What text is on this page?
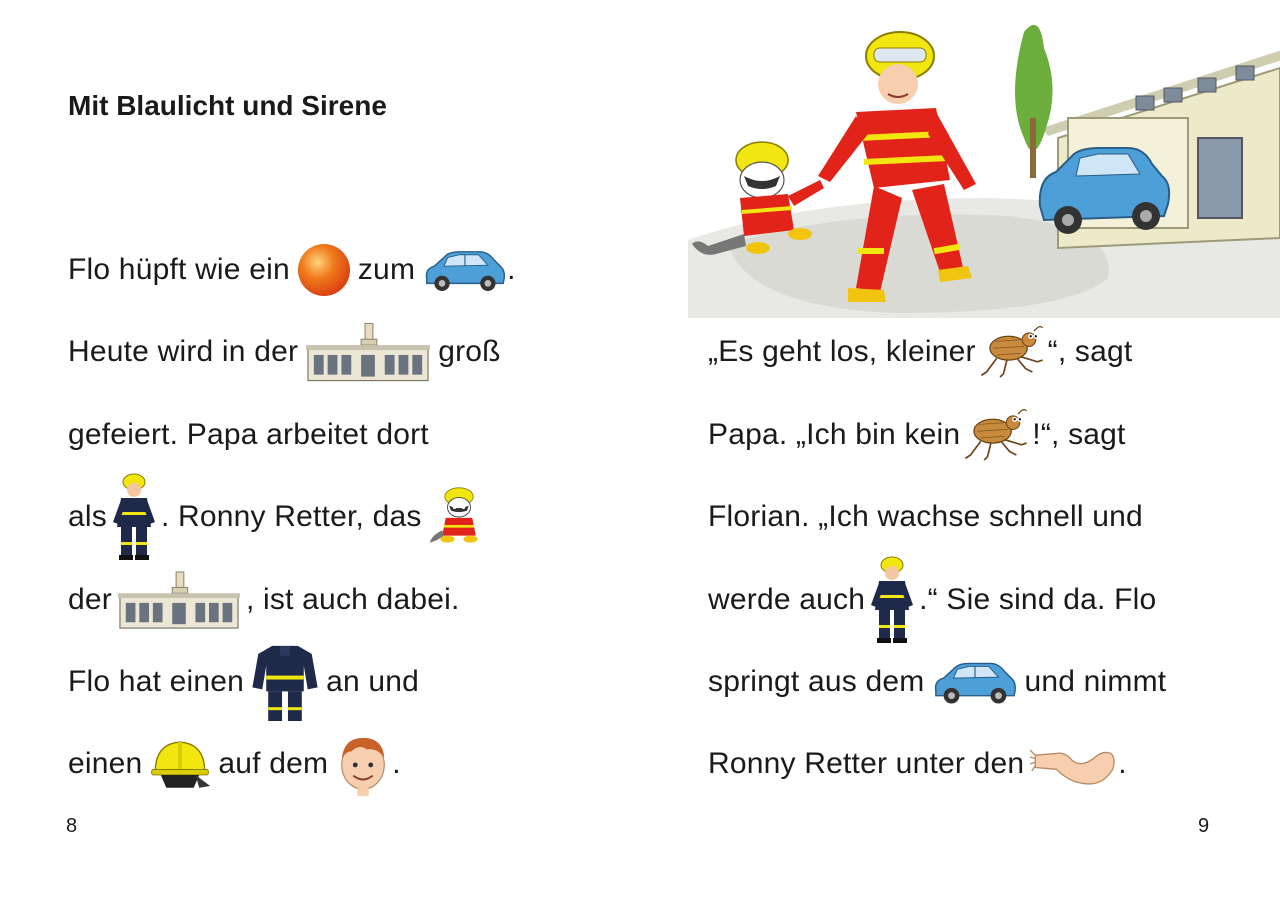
Mit Blaulicht und Sirene
Flo hüpft wie ein zum	.
Heute wird in der	groß
gefeiert. Papa arbeitet dort
als . Ronny Retter, das
der	, ist auch dabei.
Flo hat einen	an und
einen	auf dem .
8
„Es geht los, kleiner “, sagt
Papa. „Ich bin kein !“, sagt
Florian. „Ich wachse schnell und
werde auch .“ Sie sind da. Flo
springt aus dem	und nimmt
Ronny Retter unter den	.
9
